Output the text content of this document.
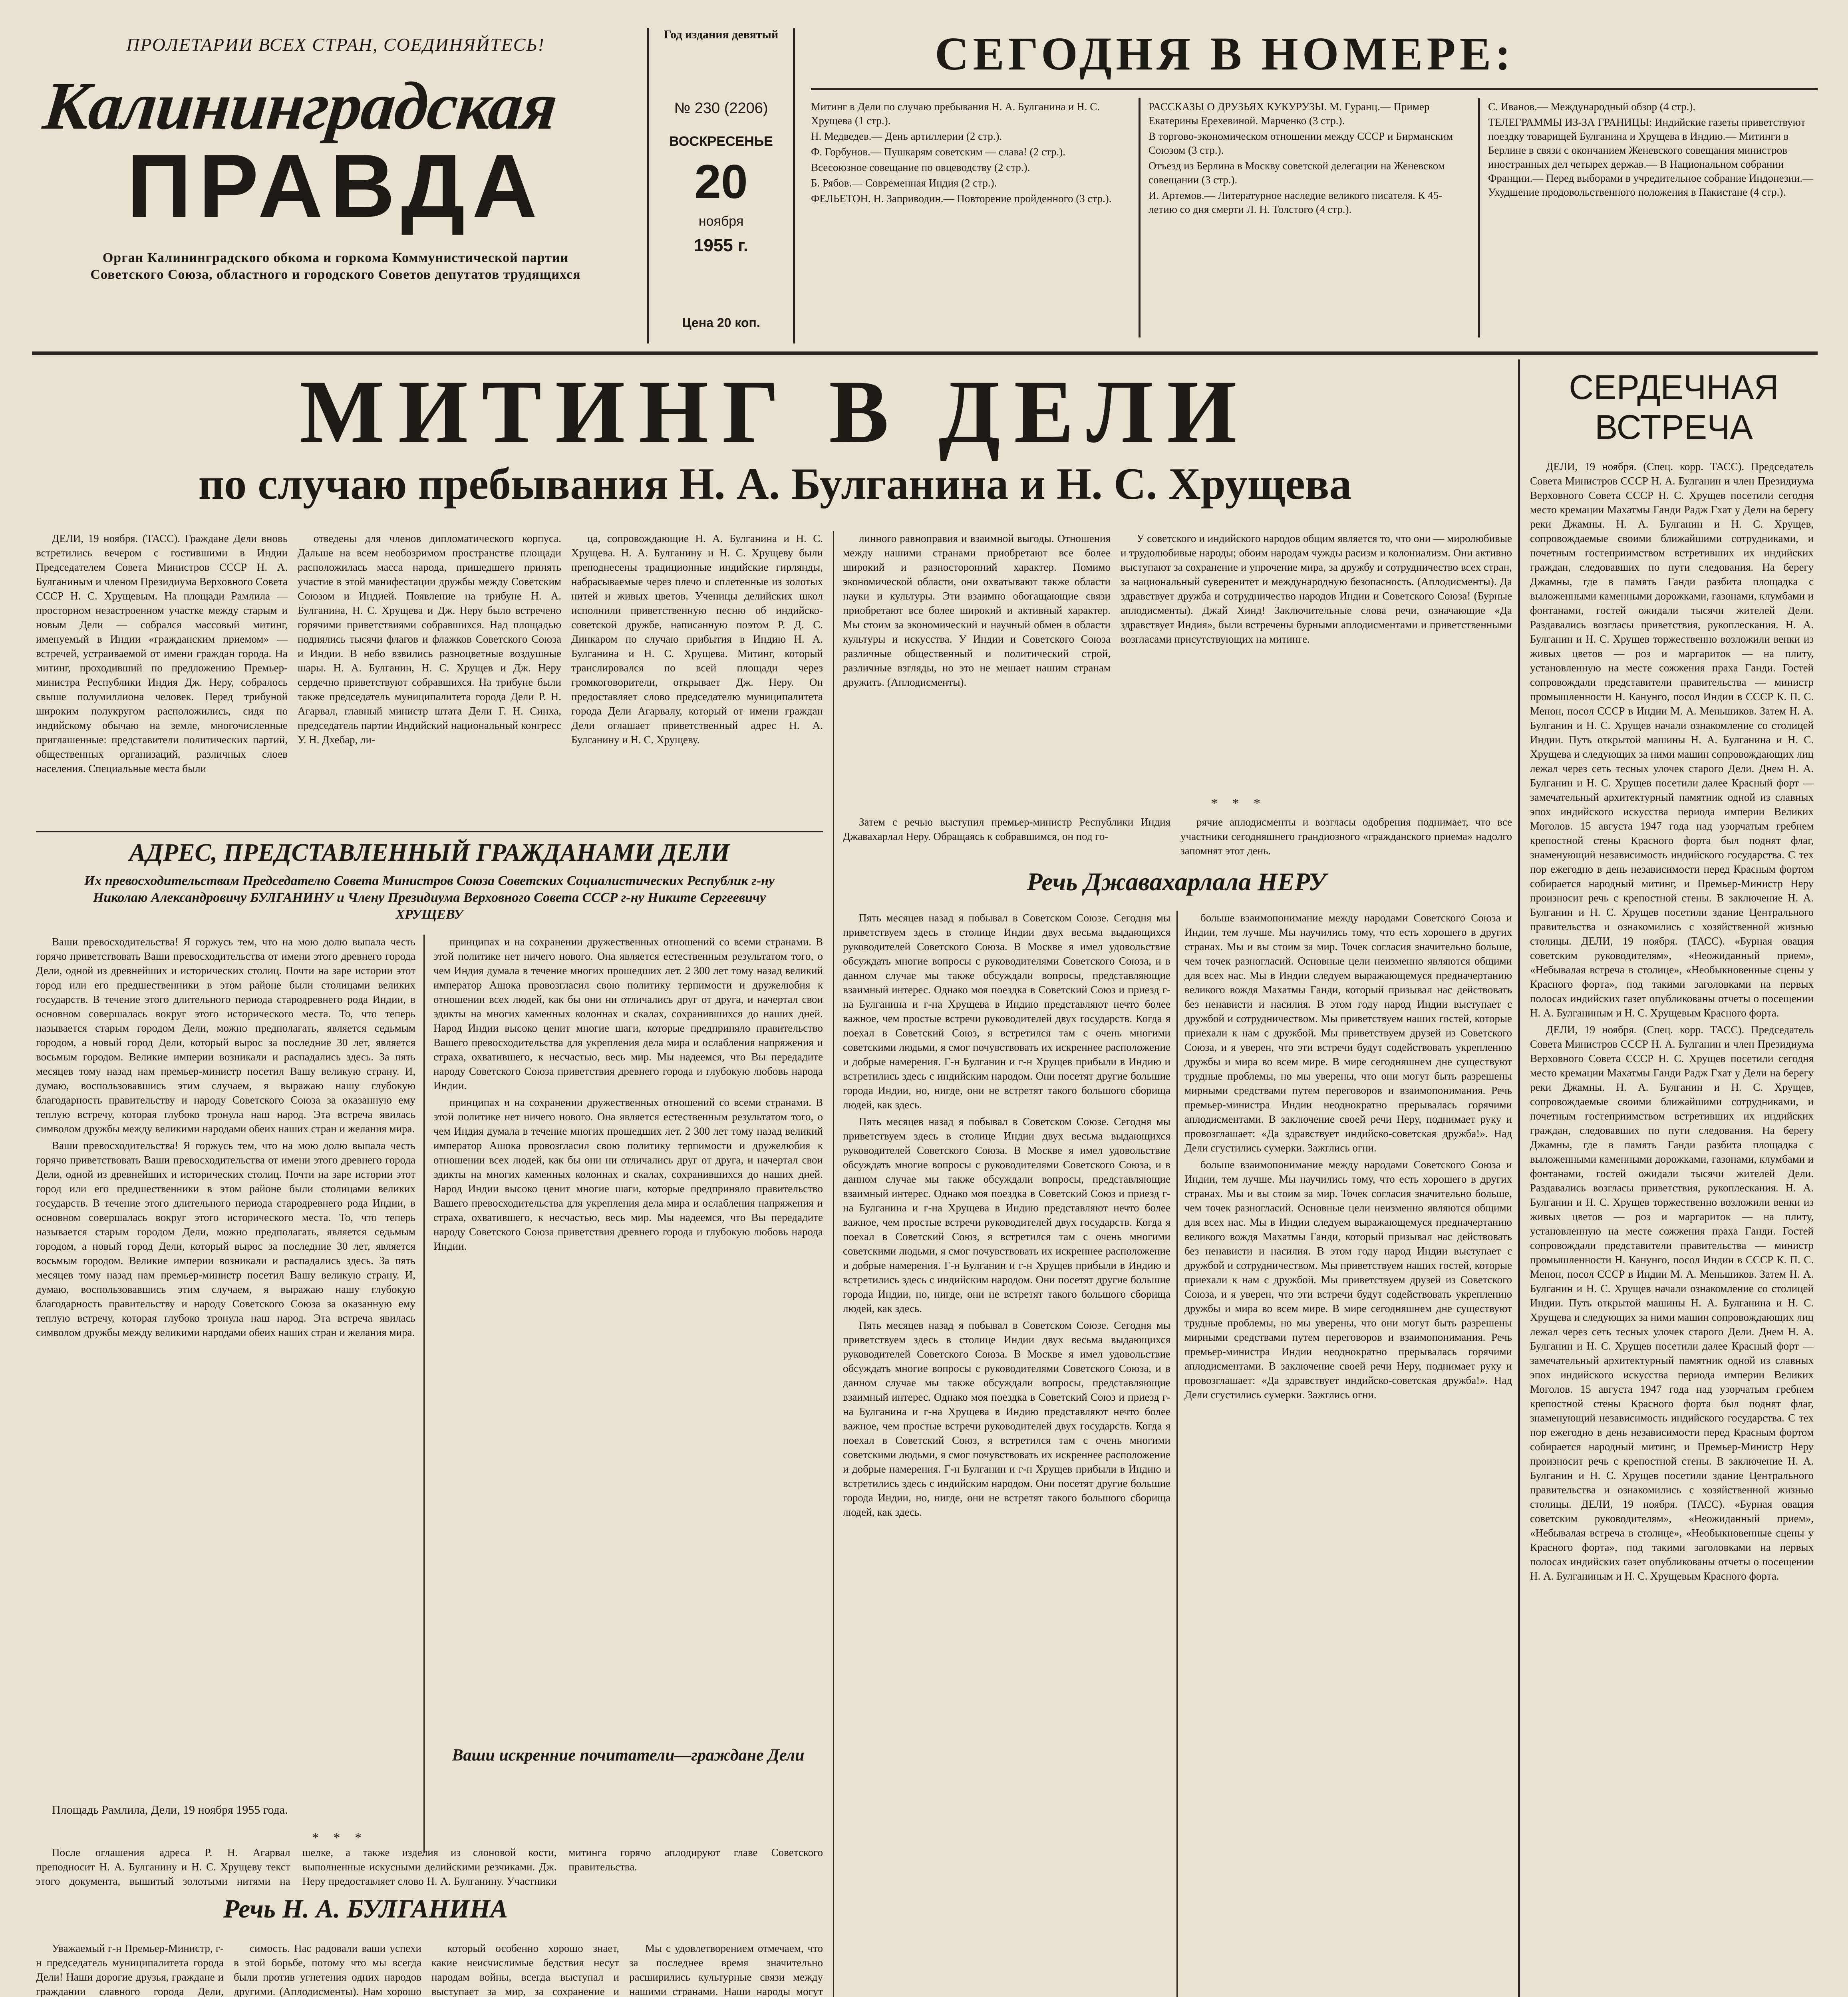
ПРОЛЕТАРИИ ВСЕХ СТРАН, СОЕДИНЯЙТЕСЬ!
Калининградская
ПРАВДА
Орган Калининградского обкома и горкома Коммунистической партии Советского Союза, областного и городского Советов депутатов трудящихся
Год издания девятый
№ 230 (2206)
ВОСКРЕСЕНЬЕ
20
ноября
1955 г.
Цена 20 коп.
СЕГОДНЯ В НОМЕРЕ:

Митинг в Дели по случаю пребывания Н. А. Булганина и Н. С. Хрущева (1 стр.).

Н. Медведев.— День артиллерии (2 стр.).

Ф. Горбунов.— Пушкарям советским — слава! (2 стр.).

Всесоюзное совещание по овцеводству (2 стр.).

Б. Рябов.— Современная Индия (2 стр.).

ФЕЛЬЕТОН. Н. Заприводин.— Повторение пройденного (3 стр.).

РАССКАЗЫ О ДРУЗЬЯХ КУКУРУЗЫ. М. Гуранц.— Пример Екатерины Ерехевиной. Марченко (3 стр.).

В торгово-экономическом отношении между СССР и Бирманским Союзом (3 стр.).

Отъезд из Берлина в Москву советской делегации на Женевском совещании (3 стр.).

И. Артемов.— Литературное наследие великого писателя. К 45-летию со дня смерти Л. Н. Толстого (4 стр.).

С. Иванов.— Международный обзор (4 стр.).

ТЕЛЕГРАММЫ ИЗ-ЗА ГРАНИЦЫ: Индийские газеты приветствуют поездку товарищей Булганина и Хрущева в Индию.— Митинги в Берлине в связи с окончанием Женевского совещания министров иностранных дел четырех держав.— В Национальном собрании Франции.— Перед выборами в учредительное собрание Индонезии.— Ухудшение продовольственного положения в Пакистане (4 стр.).

МИТИНГ В ДЕЛИ
по случаю пребывания Н. А. Булганина и Н. С. Хрущева

ДЕЛИ, 19 ноября. (ТАСС). Граждане Дели вновь встретились вечером с гостившими в Индии Председателем Совета Министров СССР Н. А. Булганиным и членом Президиума Верховного Совета СССР Н. С. Хрущевым. На площади Рамлила — просторном незастроенном участке между старым и новым Дели — собрался массовый митинг, именуемый в Индии «гражданским приемом» — встречей, устраиваемой от имени граждан города. На митинг, проходивший по предложению Премьер-министра Республики Индия Дж. Неру, собралось свыше полумиллиона человек. Перед трибуной широким полукругом расположились, сидя по индийскому обычаю на земле, многочисленные приглашенные: представители политических партий, общественных организаций, различных слоев населения. Специальные места были

отведены для членов дипломатического корпуса. Дальше на всем необозримом пространстве площади расположилась масса народа, пришедшего принять участие в этой манифестации дружбы между Советским Союзом и Индией. Появление на трибуне Н. А. Булганина, Н. С. Хрущева и Дж. Неру было встречено горячими приветствиями собравшихся. Над площадью поднялись тысячи флагов и флажков Советского Союза и Индии. В небо взвились разноцветные воздушные шары. Н. А. Булганин, Н. С. Хрущев и Дж. Неру сердечно приветствуют собравшихся. На трибуне были также председатель муниципалитета города Дели Р. Н. Агарвал, главный министр штата Дели Г. Н. Синха, председатель партии Индийский национальный конгресс У. Н. Дхебар, ли-

ца, сопровождающие Н. А. Булганина и Н. С. Хрущева. Н. А. Булганину и Н. С. Хрущеву были преподнесены традиционные индийские гирлянды, набрасываемые через плечо и сплетенные из золотых нитей и живых цветов. Ученицы делийских школ исполнили приветственную песню об индийско-советской дружбе, написанную поэтом Р. Д. С. Динкаром по случаю прибытия в Индию Н. А. Булганина и Н. С. Хрущева. Митинг, который транслировался по всей площади через громкоговорители, открывает Дж. Неру. Он предоставляет слово председателю муниципалитета города Дели Агарвалу, который от имени граждан Дели оглашает приветственный адрес Н. А. Булганину и Н. С. Хрущеву.

АДРЕС, ПРЕДСТАВЛЕННЫЙ ГРАЖДАНАМИ ДЕЛИ
Их превосходительствам Председателю Совета Министров Союза Советских Социалистических Республик г-ну Николаю Александровичу БУЛГАНИНУ и Члену Президиума Верховного Совета СССР г-ну Никите Сергеевичу ХРУЩЕВУ

Ваши превосходительства! Я горжусь тем, что на мою долю выпала честь горячо приветствовать Ваши превосходительства от имени этого древнего города Дели, одной из древнейших и исторических столиц. Почти на заре истории этот город или его предшественники в этом районе были столицами великих государств. В течение этого длительного периода стародревнего рода Индии, в основном совершалась вокруг этого исторического места. То, что теперь называется старым городом Дели, можно предполагать, является седьмым городом, а новый город Дели, который вырос за последние 30 лет, является восьмым городом. Великие империи возникали и распадались здесь. За пять месяцев тому назад нам премьер-министр посетил Вашу великую страну. И, думаю, воспользовавшись этим случаем, я выражаю нашу глубокую благодарность правительству и народу Советского Союза за оказанную ему теплую встречу, которая глубоко тронула наш народ. Эта встреча явилась символом дружбы между великими народами обеих наших стран и желания мира.

Ваши превосходительства! Я горжусь тем, что на мою долю выпала честь горячо приветствовать Ваши превосходительства от имени этого древнего города Дели, одной из древнейших и исторических столиц. Почти на заре истории этот город или его предшественники в этом районе были столицами великих государств. В течение этого длительного периода стародревнего рода Индии, в основном совершалась вокруг этого исторического места. То, что теперь называется старым городом Дели, можно предполагать, является седьмым городом, а новый город Дели, который вырос за последние 30 лет, является восьмым городом. Великие империи возникали и распадались здесь. За пять месяцев тому назад нам премьер-министр посетил Вашу великую страну. И, думаю, воспользовавшись этим случаем, я выражаю нашу глубокую благодарность правительству и народу Советского Союза за оказанную ему теплую встречу, которая глубоко тронула наш народ. Эта встреча явилась символом дружбы между великими народами обеих наших стран и желания мира.

принципах и на сохранении дружественных отношений со всеми странами. В этой политике нет ничего нового. Она является естественным результатом того, о чем Индия думала в течение многих прошедших лет. 2 300 лет тому назад великий император Ашока провозгласил свою политику терпимости и дружелюбия к отношении всех людей, как бы они ни отличались друг от друга, и начертал свои эдикты на многих каменных колоннах и скалах, сохранившихся до наших дней. Народ Индии высоко ценит многие шаги, которые предприняло правительство Вашего превосходительства для укрепления дела мира и ослабления напряжения и страха, охватившего, к несчастью, весь мир. Мы надеемся, что Вы передадите народу Советского Союза приветствия древнего города и глубокую любовь народа Индии.

принципах и на сохранении дружественных отношений со всеми странами. В этой политике нет ничего нового. Она является естественным результатом того, о чем Индия думала в течение многих прошедших лет. 2 300 лет тому назад великий император Ашока провозгласил свою политику терпимости и дружелюбия к отношении всех людей, как бы они ни отличались друг от друга, и начертал свои эдикты на многих каменных колоннах и скалах, сохранившихся до наших дней. Народ Индии высоко ценит многие шаги, которые предприняло правительство Вашего превосходительства для укрепления дела мира и ослабления напряжения и страха, охватившего, к несчастью, весь мир. Мы надеемся, что Вы передадите народу Советского Союза приветствия древнего города и глубокую любовь народа Индии.

Ваши искренние почитатели—граждане Дели
Площадь Рамлила, Дели, 19 ноября 1955 года.
* * *

После оглашения адреса Р. Н. Агарвал преподносит Н. А. Булганину и Н. С. Хрущеву текст этого документа, вышитый золотыми нитями на шелке, а также изделия из слоновой кости, выполненные искусными делийскими резчиками. Дж. Неру предоставляет слово Н. А. Булганину. Участники митинга горячо аплодируют главе Советского правительства.

Речь Н. А. БУЛГАНИНА

Уважаемый г-н Премьер-Министр, г-н председатель муниципалитета города Дели! Наши дорогие друзья, граждане и граждании славного города Дели,

симость. Нас радовали ваши успехи в этой борьбе, потому что мы всегда были против угнетения одних народов другими. (Аплодисменты). Нам хорошо

который особенно хорошо знает, какие неисчислимые бедствия несут народам войны, всегда выступал и выступает за мир, за сохранение и

Мы с удовлетворением отмечаем, что за последнее время значительно расширились культурные связи между нашими странами. Наши народы могут

линного равноправия и взаимной выгоды. Отношения между нашими странами приобретают все более широкий и разносторонний характер. Помимо экономической области, они охватывают также области науки и культуры. Эти взаимно обогащающие связи приобретают все более широкий и активный характер. Мы стоим за экономический и научный обмен в области культуры и искусства. У Индии и Советского Союза различные общественный и политический строй, различные взгляды, но это не мешает нашим странам дружить. (Аплодисменты).

У советского и индийского народов общим является то, что они — миролюбивые и трудолюбивые народы; обоим народам чужды расизм и колониализм. Они активно выступают за сохранение и упрочение мира, за дружбу и сотрудничество всех стран, за национальный суверенитет и международную безопасность. (Аплодисменты). Да здравствует дружба и сотрудничество народов Индии и Советского Союза! (Бурные аплодисменты). Джай Хинд! Заключительные слова речи, означающие «Да здравствует Индия», были встречены бурными аплодисментами и приветственными возгласами присутствующих на митинге.

* * *

Затем с речью выступил премьер-министр Республики Индия Джавахарлал Неру. Обращаясь к собравшимся, он под го-

рячие аплодисменты и возгласы одобрения поднимает, что все участники сегодняшнего грандиозного «гражданского приема» надолго запомнят этот день.

Речь Джавахарлала НЕРУ

Пять месяцев назад я побывал в Советском Союзе. Сегодня мы приветствуем здесь в столице Индии двух весьма выдающихся руководителей Советского Союза. В Москве я имел удовольствие обсуждать многие вопросы с руководителями Советского Союза, и в данном случае мы также обсуждали вопросы, представляющие взаимный интерес. Однако моя поездка в Советский Союз и приезд г-на Булганина и г-на Хрущева в Индию представляют нечто более важное, чем простые встречи руководителей двух государств. Когда я поехал в Советский Союз, я встретился там с очень многими советскими людьми, я смог почувствовать их искреннее расположение и добрые намерения. Г-н Булганин и г-н Хрущев прибыли в Индию и встретились здесь с индийским народом. Они посетят другие большие города Индии, но, нигде, они не встретят такого большого сборища людей, как здесь.

Пять месяцев назад я побывал в Советском Союзе. Сегодня мы приветствуем здесь в столице Индии двух весьма выдающихся руководителей Советского Союза. В Москве я имел удовольствие обсуждать многие вопросы с руководителями Советского Союза, и в данном случае мы также обсуждали вопросы, представляющие взаимный интерес. Однако моя поездка в Советский Союз и приезд г-на Булганина и г-на Хрущева в Индию представляют нечто более важное, чем простые встречи руководителей двух государств. Когда я поехал в Советский Союз, я встретился там с очень многими советскими людьми, я смог почувствовать их искреннее расположение и добрые намерения. Г-н Булганин и г-н Хрущев прибыли в Индию и встретились здесь с индийским народом. Они посетят другие большие города Индии, но, нигде, они не встретят такого большого сборища людей, как здесь.

Пять месяцев назад я побывал в Советском Союзе. Сегодня мы приветствуем здесь в столице Индии двух весьма выдающихся руководителей Советского Союза. В Москве я имел удовольствие обсуждать многие вопросы с руководителями Советского Союза, и в данном случае мы также обсуждали вопросы, представляющие взаимный интерес. Однако моя поездка в Советский Союз и приезд г-на Булганина и г-на Хрущева в Индию представляют нечто более важное, чем простые встречи руководителей двух государств. Когда я поехал в Советский Союз, я встретился там с очень многими советскими людьми, я смог почувствовать их искреннее расположение и добрые намерения. Г-н Булганин и г-н Хрущев прибыли в Индию и встретились здесь с индийским народом. Они посетят другие большие города Индии, но, нигде, они не встретят такого большого сборища людей, как здесь.

больше взаимопонимание между народами Советского Союза и Индии, тем лучше. Мы научились тому, что есть хорошего в других странах. Мы и вы стоим за мир. Точек согласия значительно больше, чем точек разногласий. Основные цели неизменно являются общими для всех нас. Мы в Индии следуем выражающемуся предначертанию великого вождя Махатмы Ганди, который призывал нас действовать без ненависти и насилия. В этом году народ Индии выступает с дружбой и сотрудничеством. Мы приветствуем наших гостей, которые приехали к нам с дружбой. Мы приветствуем друзей из Советского Союза, и я уверен, что эти встречи будут содействовать укреплению дружбы и мира во всем мире. В мире сегодняшнем дне существуют трудные проблемы, но мы уверены, что они могут быть разрешены мирными средствами путем переговоров и взаимопонимания. Речь премьер-министра Индии неоднократно прерывалась горячими аплодисментами. В заключение своей речи Неру, поднимает руку и провозглашает: «Да здравствует индийско-советская дружба!». Над Дели сгустились сумерки. Зажглись огни.

больше взаимопонимание между народами Советского Союза и Индии, тем лучше. Мы научились тому, что есть хорошего в других странах. Мы и вы стоим за мир. Точек согласия значительно больше, чем точек разногласий. Основные цели неизменно являются общими для всех нас. Мы в Индии следуем выражающемуся предначертанию великого вождя Махатмы Ганди, который призывал нас действовать без ненависти и насилия. В этом году народ Индии выступает с дружбой и сотрудничеством. Мы приветствуем наших гостей, которые приехали к нам с дружбой. Мы приветствуем друзей из Советского Союза, и я уверен, что эти встречи будут содействовать укреплению дружбы и мира во всем мире. В мире сегодняшнем дне существуют трудные проблемы, но мы уверены, что они могут быть разрешены мирными средствами путем переговоров и взаимопонимания. Речь премьер-министра Индии неоднократно прерывалась горячими аплодисментами. В заключение своей речи Неру, поднимает руку и провозглашает: «Да здравствует индийско-советская дружба!». Над Дели сгустились сумерки. Зажглись огни.

СЕРДЕЧНАЯ ВСТРЕЧА

ДЕЛИ, 19 ноября. (Спец. корр. ТАСС). Председатель Совета Министров СССР Н. А. Булганин и член Президиума Верховного Совета СССР Н. С. Хрущев посетили сегодня место кремации Махатмы Ганди Радж Гхат у Дели на берегу реки Джамны. Н. А. Булганин и Н. С. Хрущев, сопровождаемые своими ближайшими сотрудниками, и почетным гостеприимством встретивших их индийских граждан, следовавших по пути следования. На берегу Джамны, где в память Ганди разбита площадка с выложенными каменными дорожками, газонами, клумбами и фонтанами, гостей ожидали тысячи жителей Дели. Раздавались возгласы приветствия, рукоплескания. Н. А. Булганин и Н. С. Хрущев торжественно возложили венки из живых цветов — роз и маргариток — на плиту, установленную на месте сожжения праха Ганди. Гостей сопровождали представители правительства — министр промышленности Н. Канунго, посол Индии в СССР К. П. С. Менон, посол СССР в Индии М. А. Меньшиков. Затем Н. А. Булганин и Н. С. Хрущев начали ознакомление со столицей Индии. Путь открытой машины Н. А. Булганина и Н. С. Хрущева и следующих за ними машин сопровождающих лиц лежал через сеть тесных улочек старого Дели. Днем Н. А. Булганин и Н. С. Хрущев посетили далее Красный форт — замечательный архитектурный памятник одной из славных эпох индийского искусства периода империи Великих Моголов. 15 августа 1947 года над узорчатым гребнем крепостной стены Красного форта был поднят флаг, знаменующий независимость индийского государства. С тех пор ежегодно в день независимости перед Красным фортом собирается народный митинг, и Премьер-Министр Неру произносит речь с крепостной стены. В заключение Н. А. Булганин и Н. С. Хрущев посетили здание Центрального правительства и ознакомились с хозяйственной жизнью столицы. ДЕЛИ, 19 ноября. (ТАСС). «Бурная овация советским руководителям», «Неожиданный прием», «Небывалая встреча в столице», «Необыкновенные сцены у Красного форта», под такими заголовками на первых полосах индийских газет опубликованы отчеты о посещении Н. А. Булганиным и Н. С. Хрущевым Красного форта.

ДЕЛИ, 19 ноября. (Спец. корр. ТАСС). Председатель Совета Министров СССР Н. А. Булганин и член Президиума Верховного Совета СССР Н. С. Хрущев посетили сегодня место кремации Махатмы Ганди Радж Гхат у Дели на берегу реки Джамны. Н. А. Булганин и Н. С. Хрущев, сопровождаемые своими ближайшими сотрудниками, и почетным гостеприимством встретивших их индийских граждан, следовавших по пути следования. На берегу Джамны, где в память Ганди разбита площадка с выложенными каменными дорожками, газонами, клумбами и фонтанами, гостей ожидали тысячи жителей Дели. Раздавались возгласы приветствия, рукоплескания. Н. А. Булганин и Н. С. Хрущев торжественно возложили венки из живых цветов — роз и маргариток — на плиту, установленную на месте сожжения праха Ганди. Гостей сопровождали представители правительства — министр промышленности Н. Канунго, посол Индии в СССР К. П. С. Менон, посол СССР в Индии М. А. Меньшиков. Затем Н. А. Булганин и Н. С. Хрущев начали ознакомление со столицей Индии. Путь открытой машины Н. А. Булганина и Н. С. Хрущева и следующих за ними машин сопровождающих лиц лежал через сеть тесных улочек старого Дели. Днем Н. А. Булганин и Н. С. Хрущев посетили далее Красный форт — замечательный архитектурный памятник одной из славных эпох индийского искусства периода империи Великих Моголов. 15 августа 1947 года над узорчатым гребнем крепостной стены Красного форта был поднят флаг, знаменующий независимость индийского государства. С тех пор ежегодно в день независимости перед Красным фортом собирается народный митинг, и Премьер-Министр Неру произносит речь с крепостной стены. В заключение Н. А. Булганин и Н. С. Хрущев посетили здание Центрального правительства и ознакомились с хозяйственной жизнью столицы. ДЕЛИ, 19 ноября. (ТАСС). «Бурная овация советским руководителям», «Неожиданный прием», «Небывалая встреча в столице», «Необыкновенные сцены у Красного форта», под такими заголовками на первых полосах индийских газет опубликованы отчеты о посещении Н. А. Булганиным и Н. С. Хрущевым Красного форта.
